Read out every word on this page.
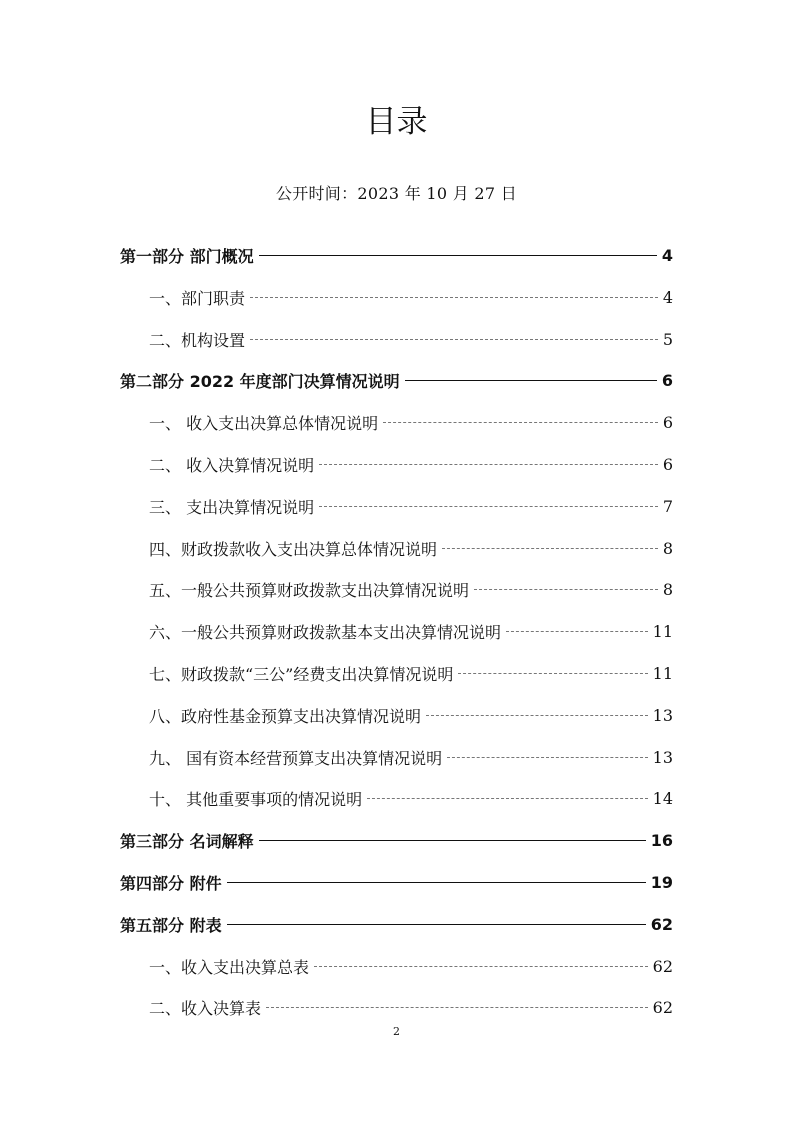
目录
公开时间：2023 年 10 月 27 日
第一部分 部门概况	4
一、部门职责	4
二、机构设置	5
第二部分 2022 年度部门决算情况说明	6
一、 收入支出决算总体情况说明	6
二、 收入决算情况说明	6
三、 支出决算情况说明	7
四、财政拨款收入支出决算总体情况说明	8
五、一般公共预算财政拨款支出决算情况说明	8
六、一般公共预算财政拨款基本支出决算情况说明	11
七、财政拨款“三公”经费支出决算情况说明	11
八、政府性基金预算支出决算情况说明	13
九、 国有资本经营预算支出决算情况说明	13
十、 其他重要事项的情况说明	14
第三部分 名词解释	16
第四部分 附件	19
第五部分 附表	62
一、收入支出决算总表	62
二、收入决算表	62
2
